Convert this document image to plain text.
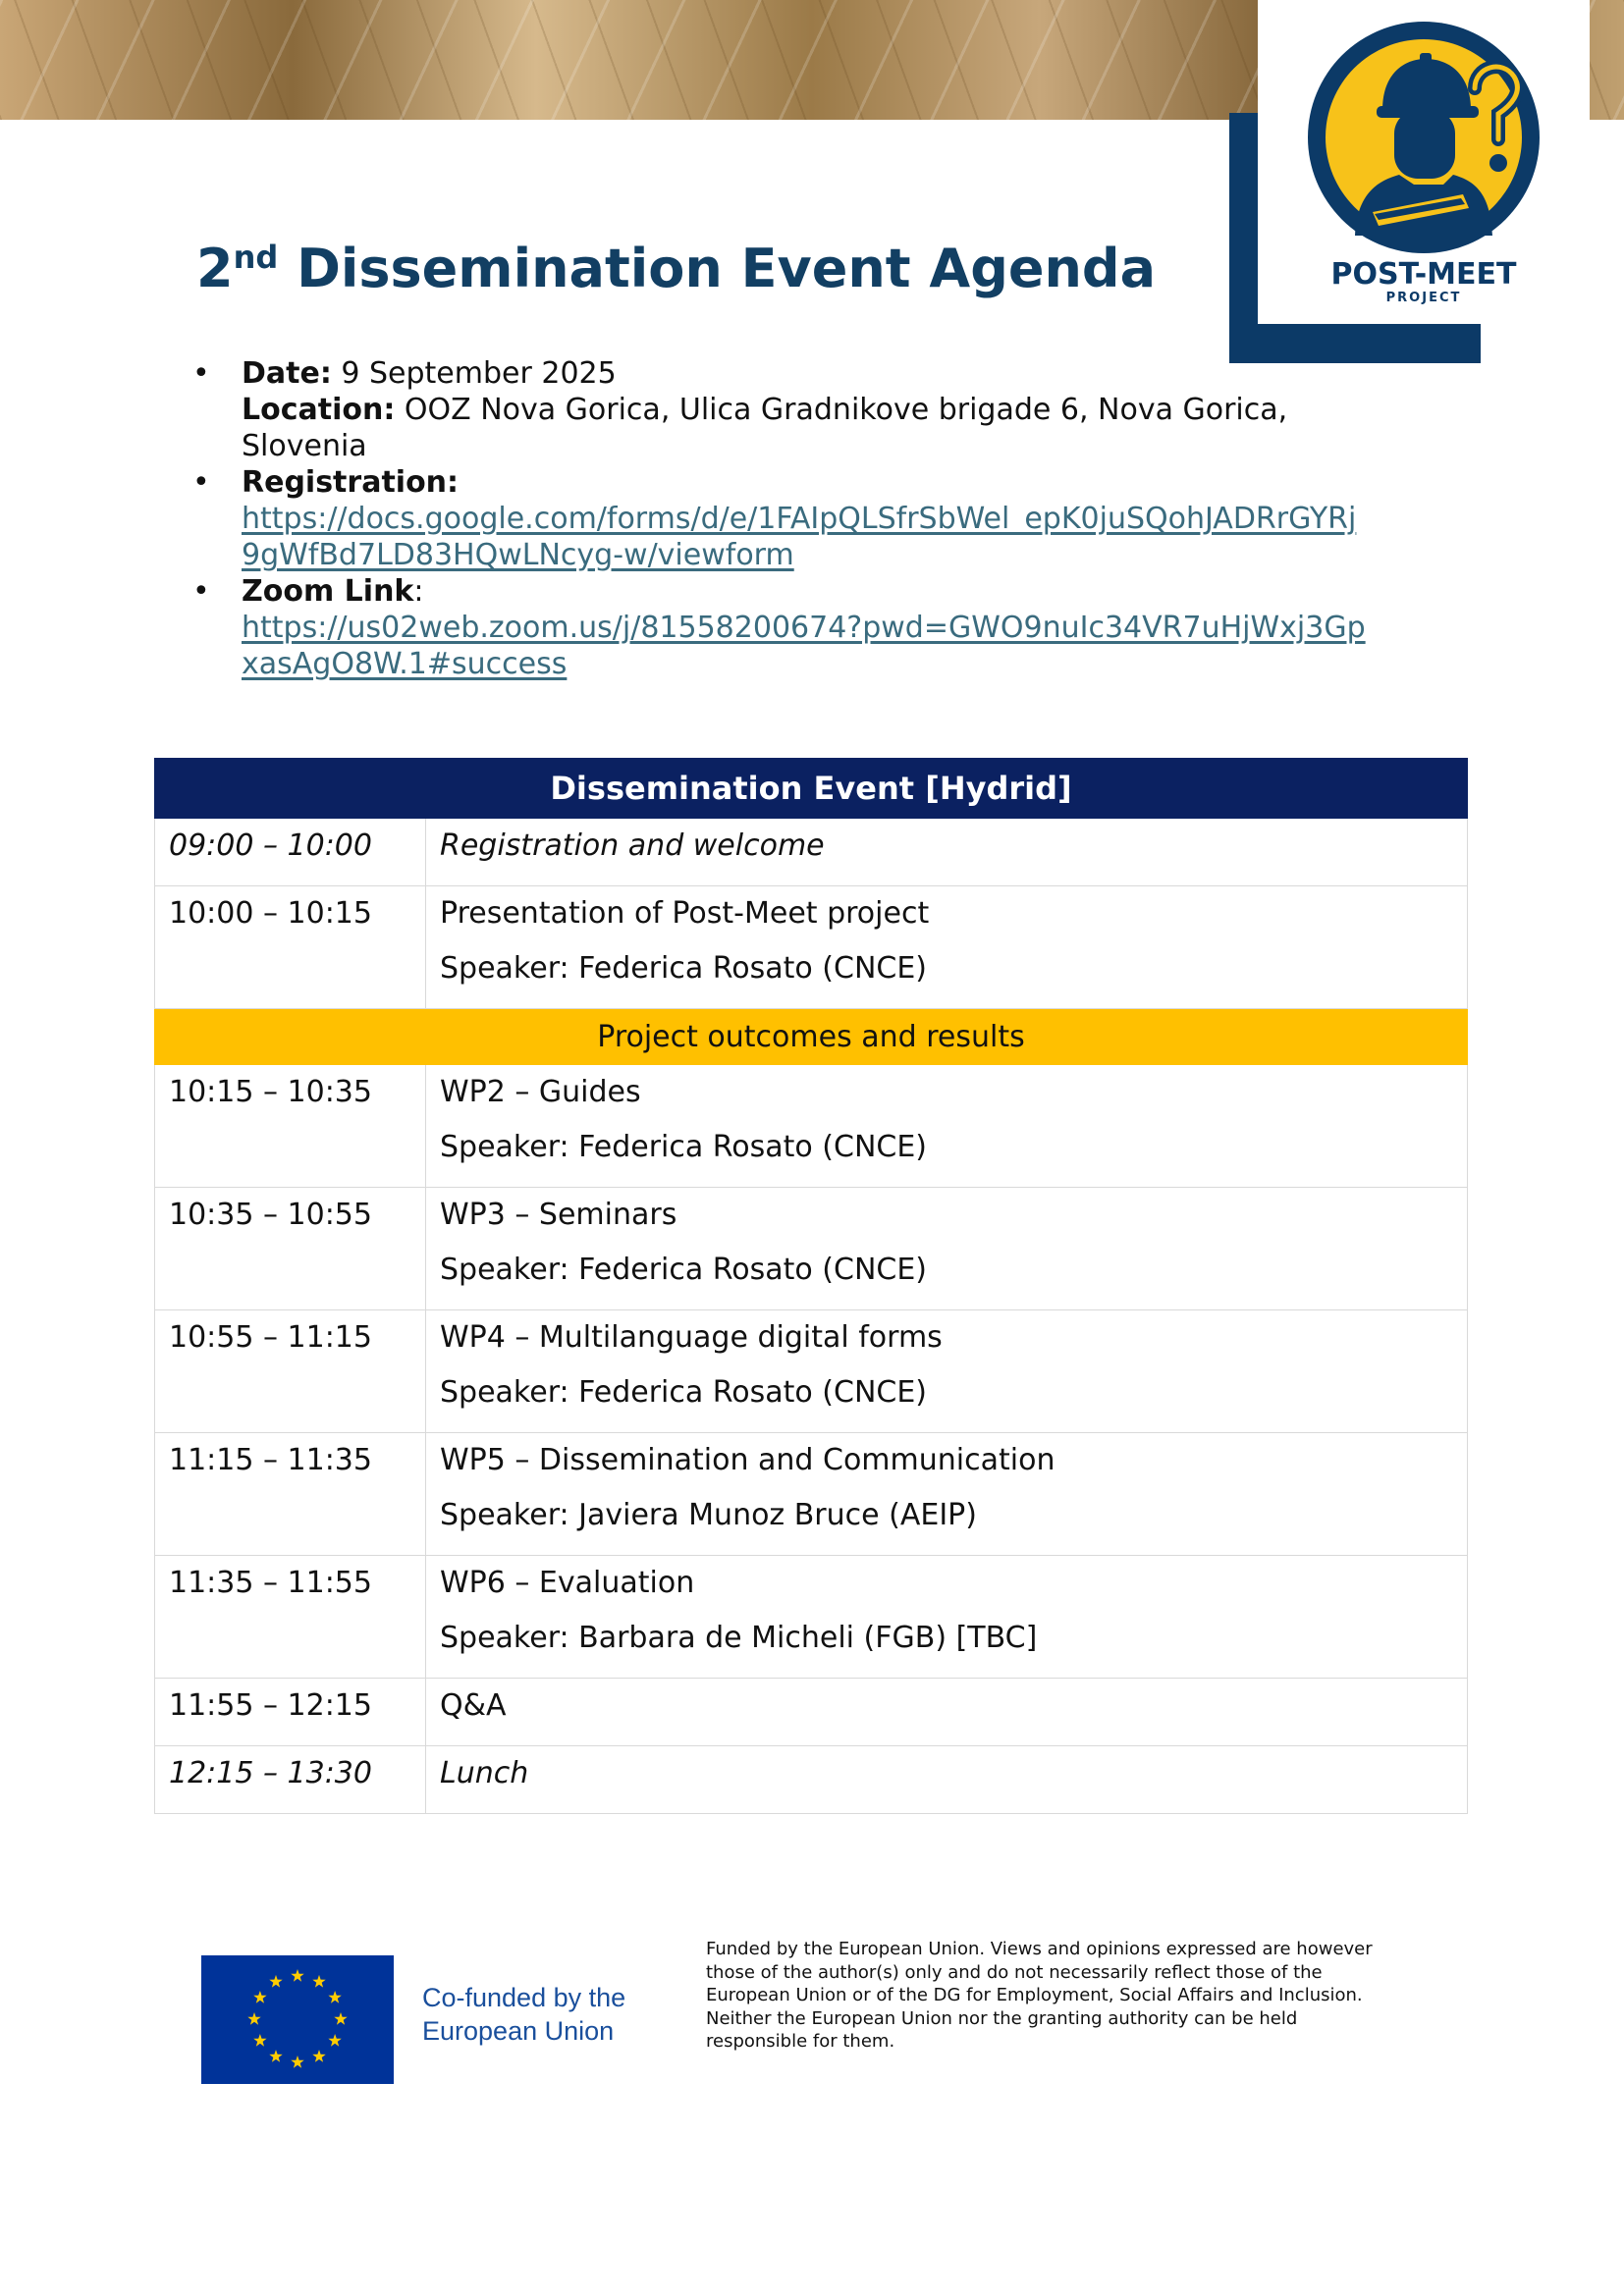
POST-MEET
PROJECT
2nd Dissemination Event Agenda
• Date: 9 September 2025
Location: OOZ Nova Gorica, Ulica Gradnikove brigade 6, Nova Gorica,
Slovenia
• Registration:
https://docs.google.com/forms/d/e/1FAIpQLSfrSbWel_epK0juSQohJADRrGYRj
9gWfBd7LD83HQwLNcyg-w/viewform
• Zoom Link:
https://us02web.zoom.us/j/81558200674?pwd=GWO9nuIc34VR7uHjWxj3Gp
xasAgO8W.1#success
Dissemination Event [Hydrid]	

09:00 – 10:00	Registration and welcome

10:00 – 10:15	Presentation of Post-Meet project
Speaker: Federica Rosato (CNCE)

Project outcomes and results	

10:15 – 10:35	WP2 – Guides
Speaker: Federica Rosato (CNCE)

10:35 – 10:55	WP3 – Seminars
Speaker: Federica Rosato (CNCE)

10:55 – 11:15	WP4 – Multilanguage digital forms
Speaker: Federica Rosato (CNCE)

11:15 – 11:35	WP5 – Dissemination and Communication
Speaker: Javiera Munoz Bruce (AEIP)

11:35 – 11:55	WP6 – Evaluation
Speaker: Barbara de Micheli (FGB) [TBC]

11:55 – 12:15	Q&A

12:15 – 13:30	Lunch
Co-funded by the
European Union
Funded by the European Union. Views and opinions expressed are however those of the author(s) only and do not necessarily reflect those of the European Union or of the DG for Employment, Social Affairs and Inclusion. Neither the European Union nor the granting authority can be held responsible for them.
